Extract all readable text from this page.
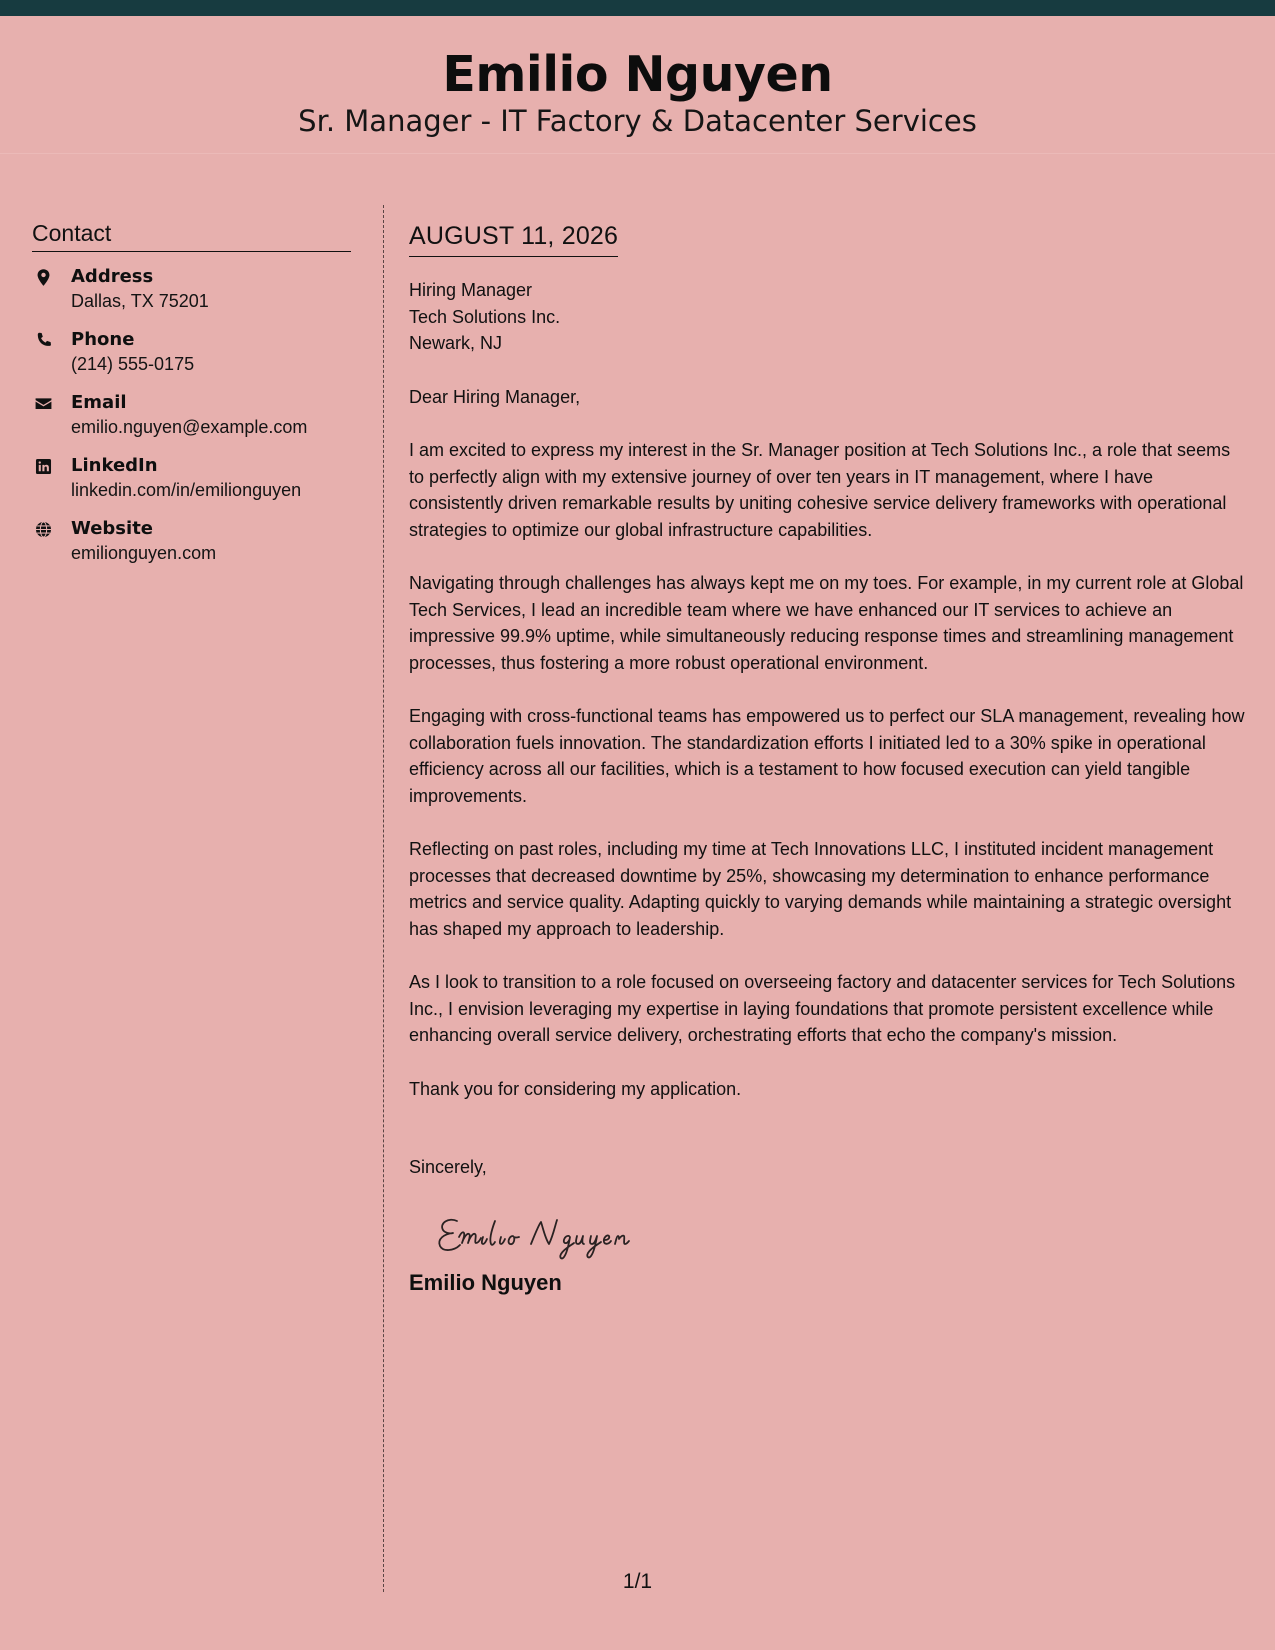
Emilio Nguyen
Sr. Manager - IT Factory & Datacenter Services
Contact
Address
Dallas, TX 75201
Phone
(214) 555-0175
Email
emilio.nguyen@example.com
LinkedIn
linkedin.com/in/emilionguyen
Website
emilionguyen.com
AUGUST 11, 2026
Hiring Manager
Tech Solutions Inc.
Newark, NJ

Dear Hiring Manager,

I am excited to express my interest in the Sr. Manager position at Tech Solutions Inc., a role that seems to perfectly align with my extensive journey of over ten years in IT management, where I have consistently driven remarkable results by uniting cohesive service delivery frameworks with operational strategies to optimize our global infrastructure capabilities.

Navigating through challenges has always kept me on my toes. For example, in my current role at Global Tech Services, I lead an incredible team where we have enhanced our IT services to achieve an impressive 99.9% uptime, while simultaneously reducing response times and streamlining management processes, thus fostering a more robust operational environment.

Engaging with cross-functional teams has empowered us to perfect our SLA management, revealing how collaboration fuels innovation. The standardization efforts I initiated led to a 30% spike in operational efficiency across all our facilities, which is a testament to how focused execution can yield tangible improvements.

Reflecting on past roles, including my time at Tech Innovations LLC, I instituted incident management processes that decreased downtime by 25%, showcasing my determination to enhance performance metrics and service quality. Adapting quickly to varying demands while maintaining a strategic oversight has shaped my approach to leadership.

As I look to transition to a role focused on overseeing factory and datacenter services for Tech Solutions Inc., I envision leveraging my expertise in laying foundations that promote persistent excellence while enhancing overall service delivery, orchestrating efforts that echo the company's mission.

Thank you for considering my application.

Sincerely,

Emilio Nguyen
1/1
